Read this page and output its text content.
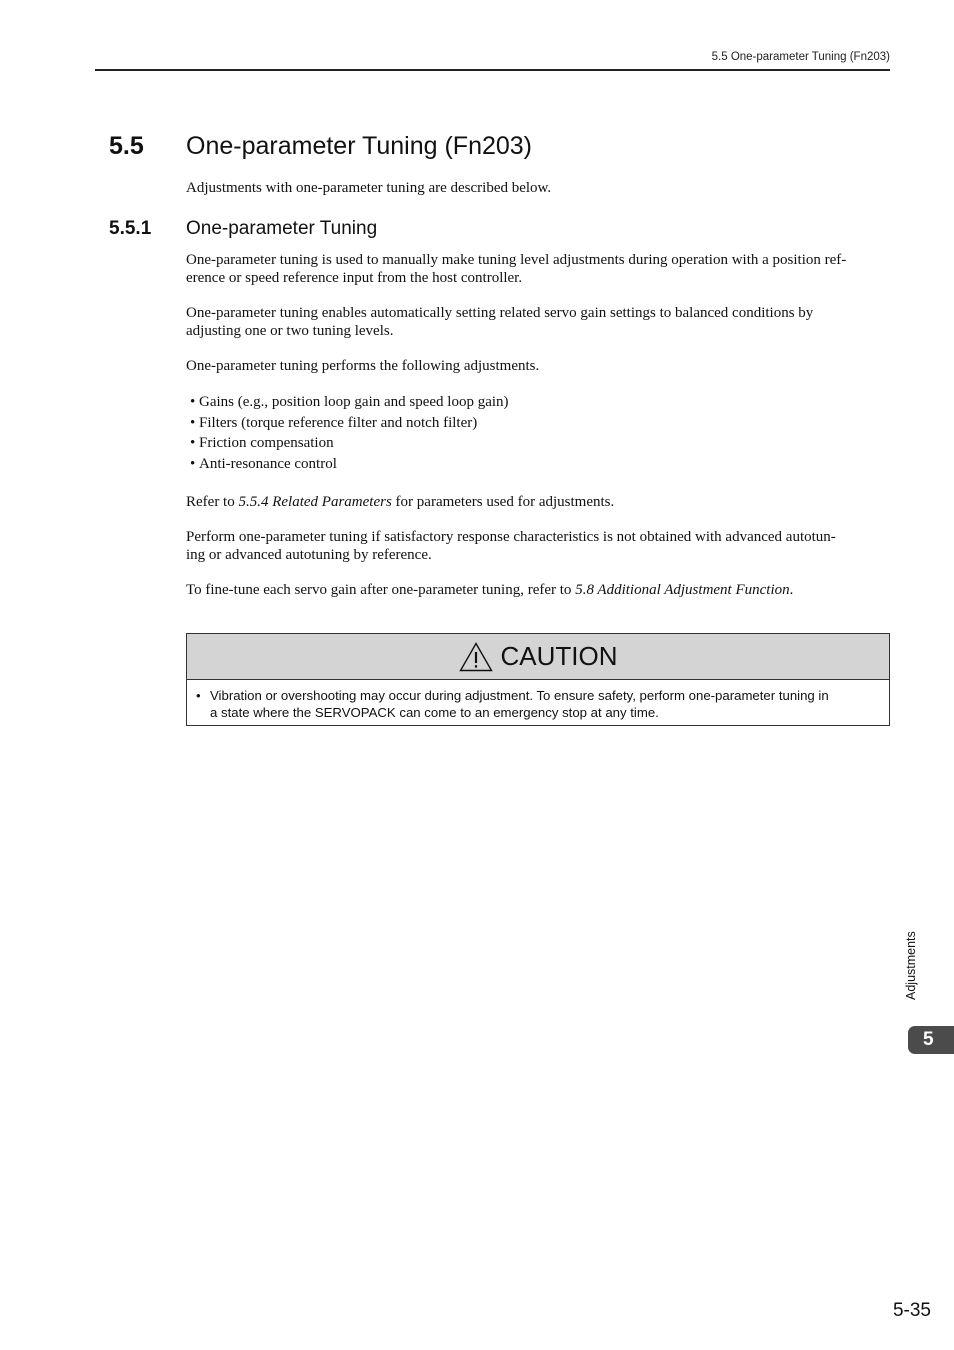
5.5 One-parameter Tuning (Fn203)
5.5 One-parameter Tuning (Fn203)

Adjustments with one-parameter tuning are described below.

5.5.1 One-parameter Tuning

One-parameter tuning is used to manually make tuning level adjustments during operation with a position ref-
erence or speed reference input from the host controller.

One-parameter tuning enables automatically setting related servo gain settings to balanced conditions by
adjusting one or two tuning levels.

One-parameter tuning performs the following adjustments.

• Gains (e.g., position loop gain and speed loop gain)
• Filters (torque reference filter and notch filter)
• Friction compensation
• Anti-resonance control

Refer to 5.5.4 Related Parameters for parameters used for adjustments.

Perform one-parameter tuning if satisfactory response characteristics is not obtained with advanced autotun-
ing or advanced autotuning by reference.

To fine-tune each servo gain after one-parameter tuning, refer to 5.8 Additional Adjustment Function.

CAUTION
• Vibration or overshooting may occur during adjustment. To ensure safety, perform one-parameter tuning in
a state where the SERVOPACK can come to an emergency stop at any time.
Adjustments
5
5-35
